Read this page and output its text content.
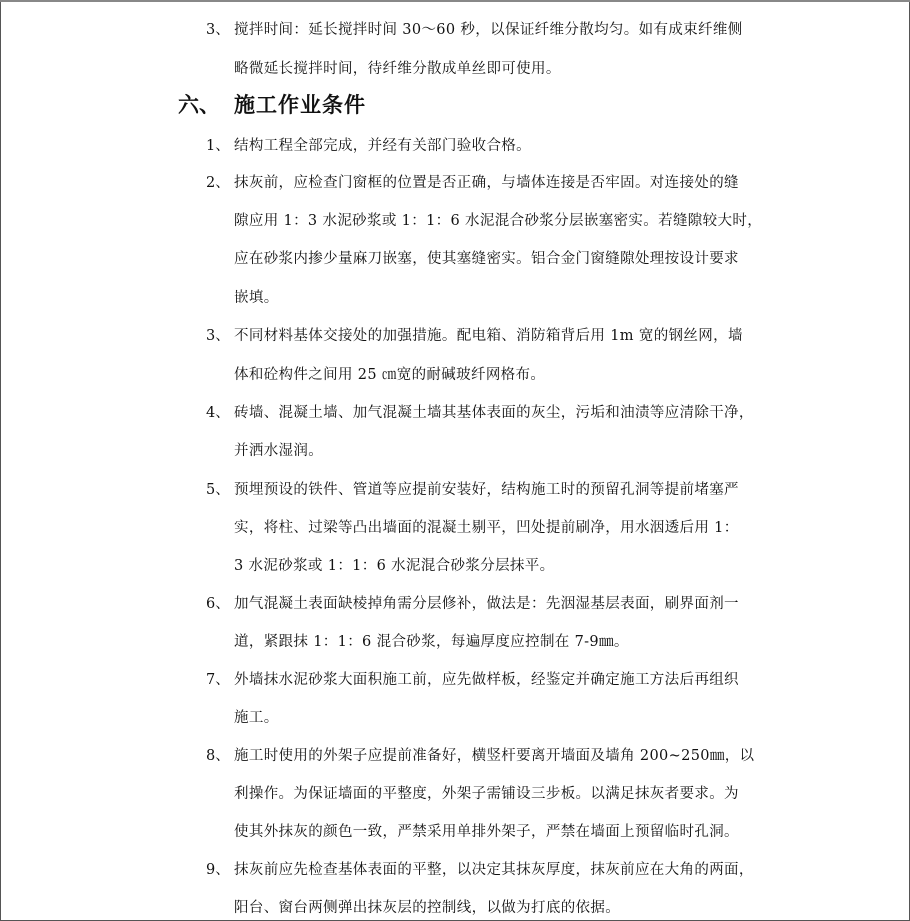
3、 搅拌时间：延长搅拌时间 30～60 秒，以保证纤维分散均匀。如有成束纤维侧
略微延长搅拌时间，待纤维分散成单丝即可使用。
六、 施工作业条件
1、 结构工程全部完成，并经有关部门验收合格。
2、 抹灰前，应检查门窗框的位置是否正确，与墙体连接是否牢固。对连接处的缝
隙应用 1：3 水泥砂浆或 1：1：6 水泥混合砂浆分层嵌塞密实。若缝隙较大时，
应在砂浆内掺少量麻刀嵌塞，使其塞缝密实。铝合金门窗缝隙处理按设计要求
嵌填。
3、 不同材料基体交接处的加强措施。配电箱、消防箱背后用 1m 宽的钢丝网，墙
体和砼构件之间用 25 ㎝宽的耐碱玻纤网格布。
4、 砖墙、混凝土墙、加气混凝土墙其基体表面的灰尘，污垢和油渍等应清除干净，
并洒水湿润。
5、 预埋预设的铁件、管道等应提前安装好，结构施工时的预留孔洞等提前堵塞严
实，将柱、过梁等凸出墙面的混凝土剔平，凹处提前刷净，用水洇透后用 1：
3 水泥砂浆或 1：1：6 水泥混合砂浆分层抹平。
6、 加气混凝土表面缺棱掉角需分层修补，做法是：先洇湿基层表面，刷界面剂一
道，紧跟抹 1：1：6 混合砂浆，每遍厚度应控制在 7-9㎜。
7、 外墙抹水泥砂浆大面积施工前，应先做样板，经鉴定并确定施工方法后再组织
施工。
8、 施工时使用的外架子应提前准备好，横竖杆要离开墙面及墙角 200~250㎜，以
利操作。为保证墙面的平整度，外架子需铺设三步板。以满足抹灰者要求。为
使其外抹灰的颜色一致，严禁采用单排外架子，严禁在墙面上预留临时孔洞。
9、 抹灰前应先检查基体表面的平整，以决定其抹灰厚度，抹灰前应在大角的两面，
阳台、窗台两侧弹出抹灰层的控制线，以做为打底的依据。
